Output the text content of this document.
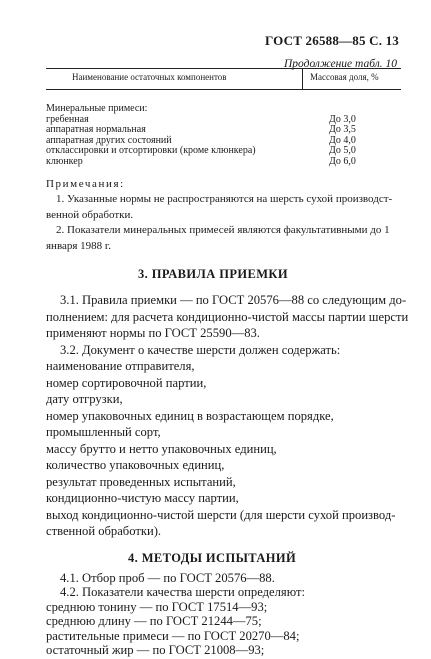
ГОСТ 26588—85 С. 13
Продолжение табл. 10
Наименование остаточных компонентов	Массовая доля, %
Минеральные примеси:
гребенная	До 3,0
аппаратная нормальная	До 3,5
аппаратная других состояний	До 4,0
отклассировки и отсортировки (кроме клюнкера)	До 5,0
клюнкер	До 6,0
Примечания:
1. Указанные нормы не распространяются на шерсть сухой производст-
венной обработки.
2. Показатели минеральных примесей являются факультативными до 1
января 1988 г.
3. ПРАВИЛА ПРИЕМКИ
3.1. Правила приемки — по ГОСТ 20576—88 со следующим до-
полнением: для расчета кондиционно-чистой массы партии шерсти
применяют нормы по ГОСТ 25590—83.
3.2. Документ о качестве шерсти должен содержать:
наименование отправителя,
номер сортировочной партии,
дату отгрузки,
номер упаковочных единиц в возрастающем порядке,
промышленный сорт,
массу брутто и нетто упаковочных единиц,
количество упаковочных единиц,
результат проведенных испытаний,
кондиционно-чистую массу партии,
выход кондиционно-чистой шерсти (для шерсти сухой производ-
ственной обработки).
4. МЕТОДЫ ИСПЫТАНИЙ
4.1. Отбор проб — по ГОСТ 20576—88.
4.2. Показатели качества шерсти определяют:
среднюю тонину — по ГОСТ 17514—93;
среднюю длину — по ГОСТ 21244—75;
растительные примеси — по ГОСТ 20270—84;
остаточный жир — по ГОСТ 21008—93;
